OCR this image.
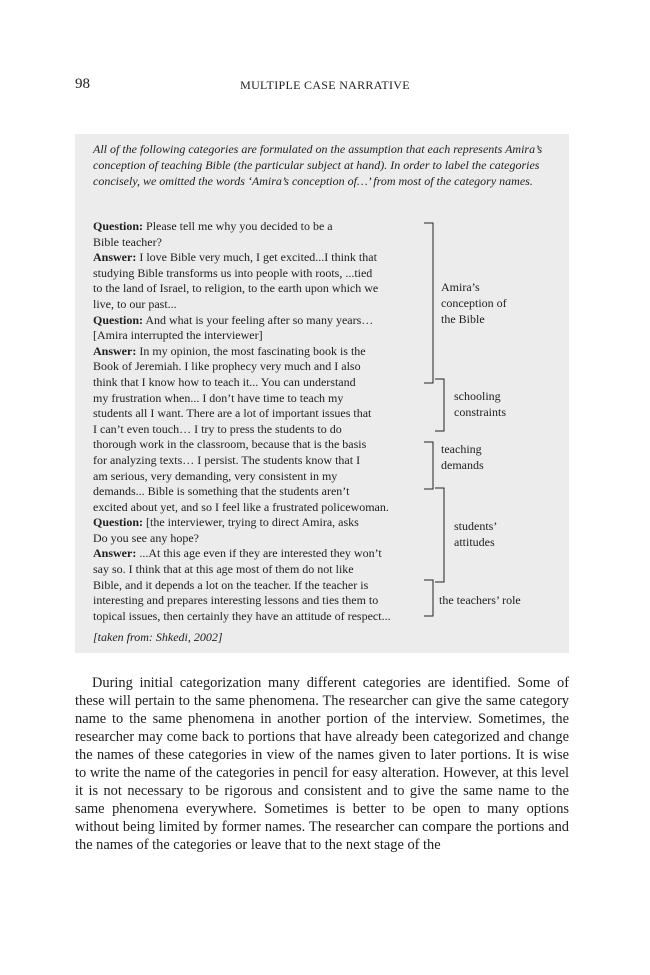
98	MULTIPLE CASE NARRATIVE
All of the following categories are formulated on the assumption that each represents Amira’s conception of teaching Bible (the particular subject at hand). In order to label the categories concisely, we omitted the words ‘Amira’s conception of…’ from most of the category names.
Question: Please tell me why you decided to be a
Bible teacher?
Answer: I love Bible very much, I get excited...I think that
studying Bible transforms us into people with roots, ...tied
to the land of Israel, to religion, to the earth upon which we
live, to our past...
Question: And what is your feeling after so many years…
[Amira interrupted the interviewer]
Answer: In my opinion, the most fascinating book is the
Book of Jeremiah. I like prophecy very much and I also
think that I know how to teach it... You can understand
my frustration when... I don’t have time to teach my
students all I want. There are a lot of important issues that
I can’t even touch… I try to press the students to do
thorough work in the classroom, because that is the basis
for analyzing texts… I persist. The students know that I
am serious, very demanding, very consistent in my
demands... Bible is something that the students aren’t
excited about yet, and so I feel like a frustrated policewoman.
Question: [the interviewer, trying to direct Amira, asks
Do you see any hope?
Answer: ...At this age even if they are interested they won’t
say so. I think that at this age most of them do not like
Bible, and it depends a lot on the teacher. If the teacher is
interesting and prepares interesting lessons and ties them to
topical issues, then certainly they have an attitude of respect...
Amira’s
conception of
the Bible
schooling
constraints
teaching
demands
students’
attitudes
the teachers’ role
[taken from: Shkedi, 2002]

During initial categorization many different categories are identified. Some of these will pertain to the same phenomena. The researcher can give the same category name to the same phenomena in another portion of the interview. Sometimes, the researcher may come back to portions that have already been categorized and change the names of these categories in view of the names given to later portions. It is wise to write the name of the categories in pencil for easy alteration. However, at this level it is not necessary to be rigorous and consistent and to give the same name to the same phenomena everywhere. Sometimes is better to be open to many options without being limited by former names. The researcher can compare the portions and the names of the categories or leave that to the next stage of the
